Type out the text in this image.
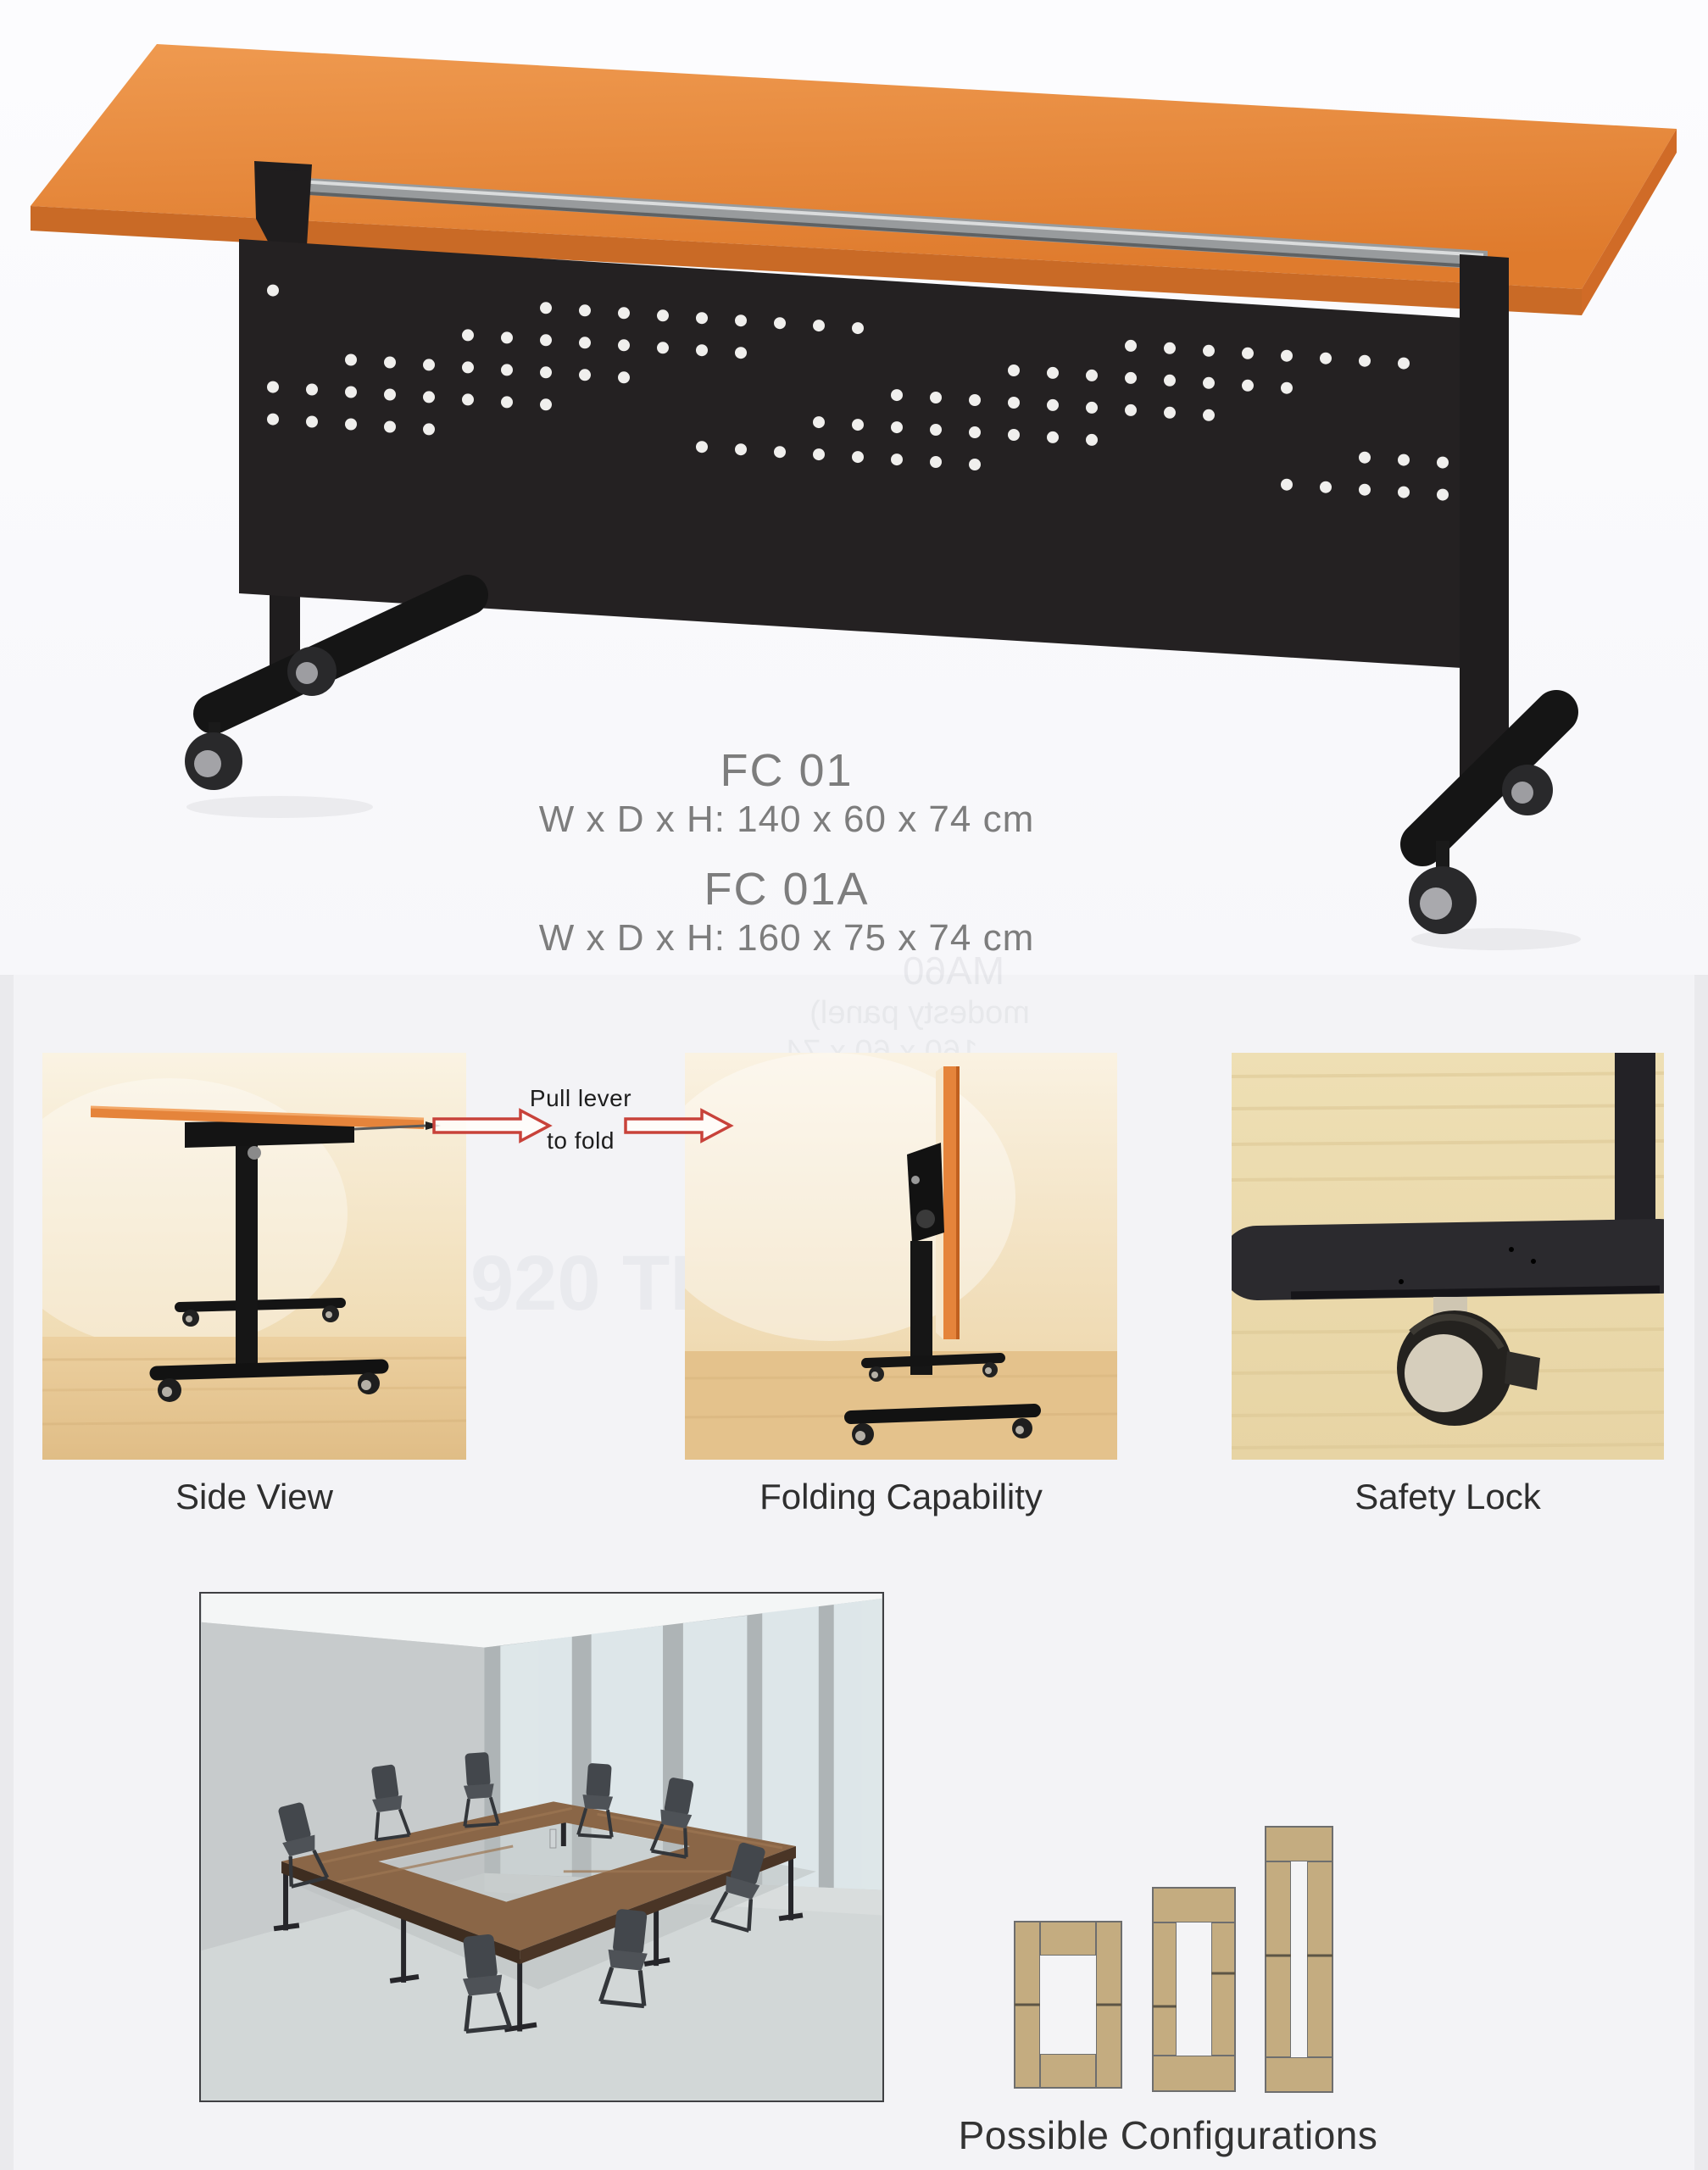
FC 01
W x D x H: 140 x 60 x 74 cm
FC 01A
W x D x H: 160 x 75 x 74 cm
modesty panel)
160 x 60 x 74
920 TR
Pull lever
to fold
Side View	Folding Capability	Safety Lock
Possible Configurations
